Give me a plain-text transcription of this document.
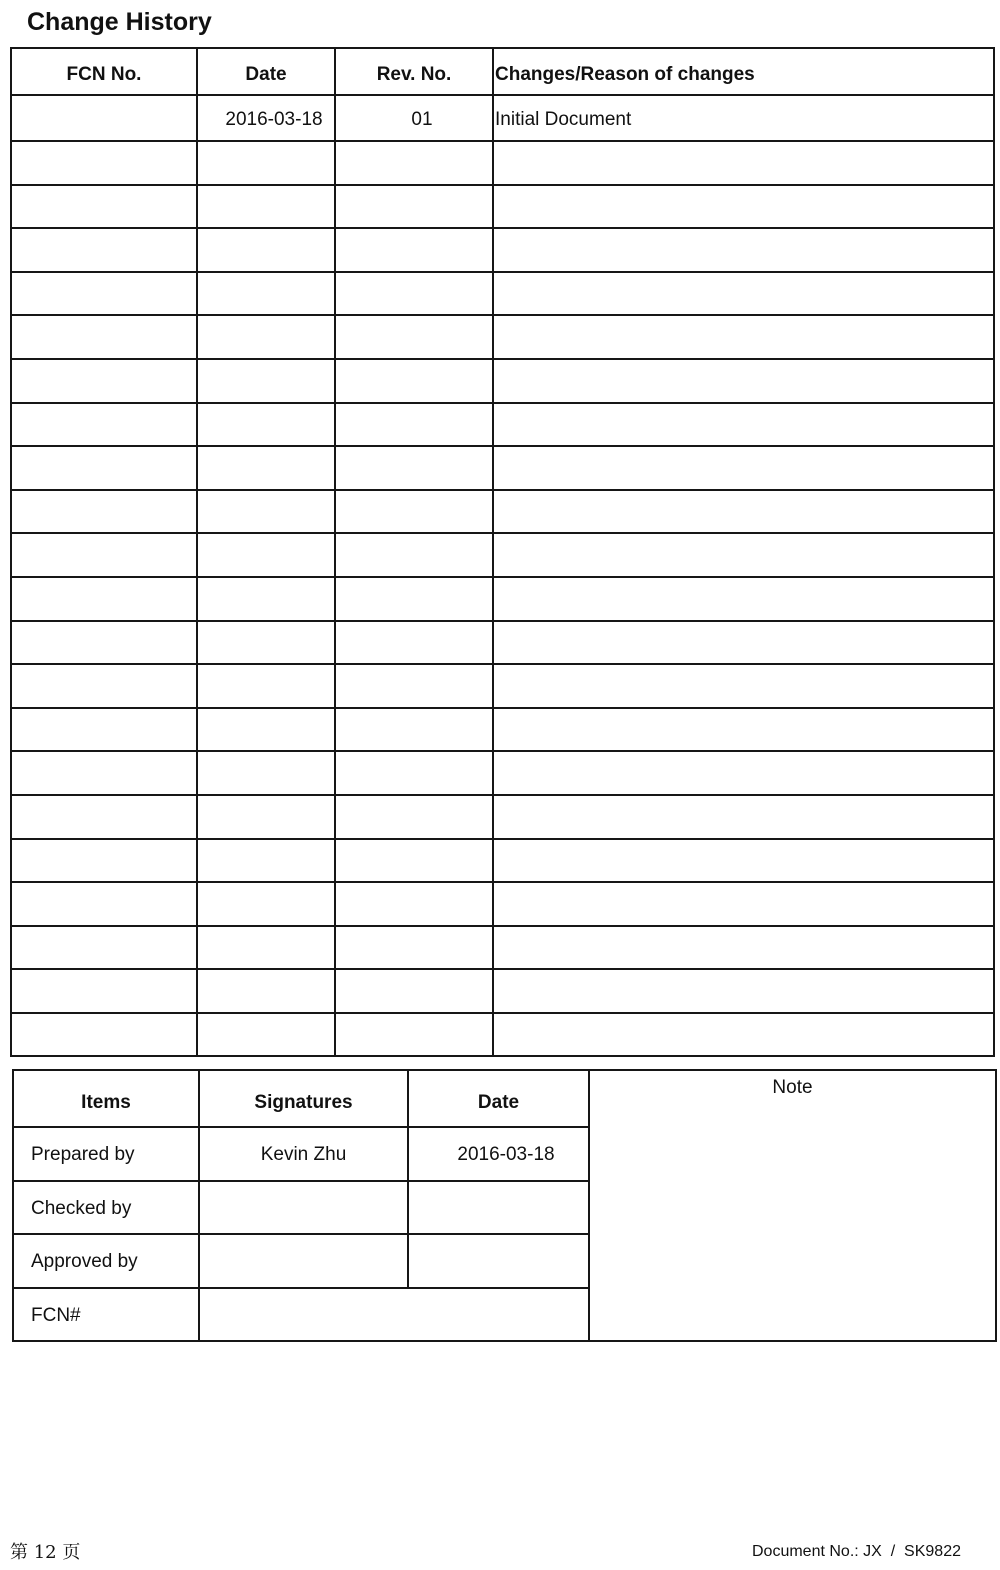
Change History
FCN No.	Date	Rev. No.	Changes/Reason of changes
	2016-03-18	01	Initial Document

Items	Signatures	Date	Note

Prepared by	Kevin Zhu	2016-03-18	
Checked by			
Approved by			
FCN#			
第 12 页	Document No.: JX  /  SK9822
